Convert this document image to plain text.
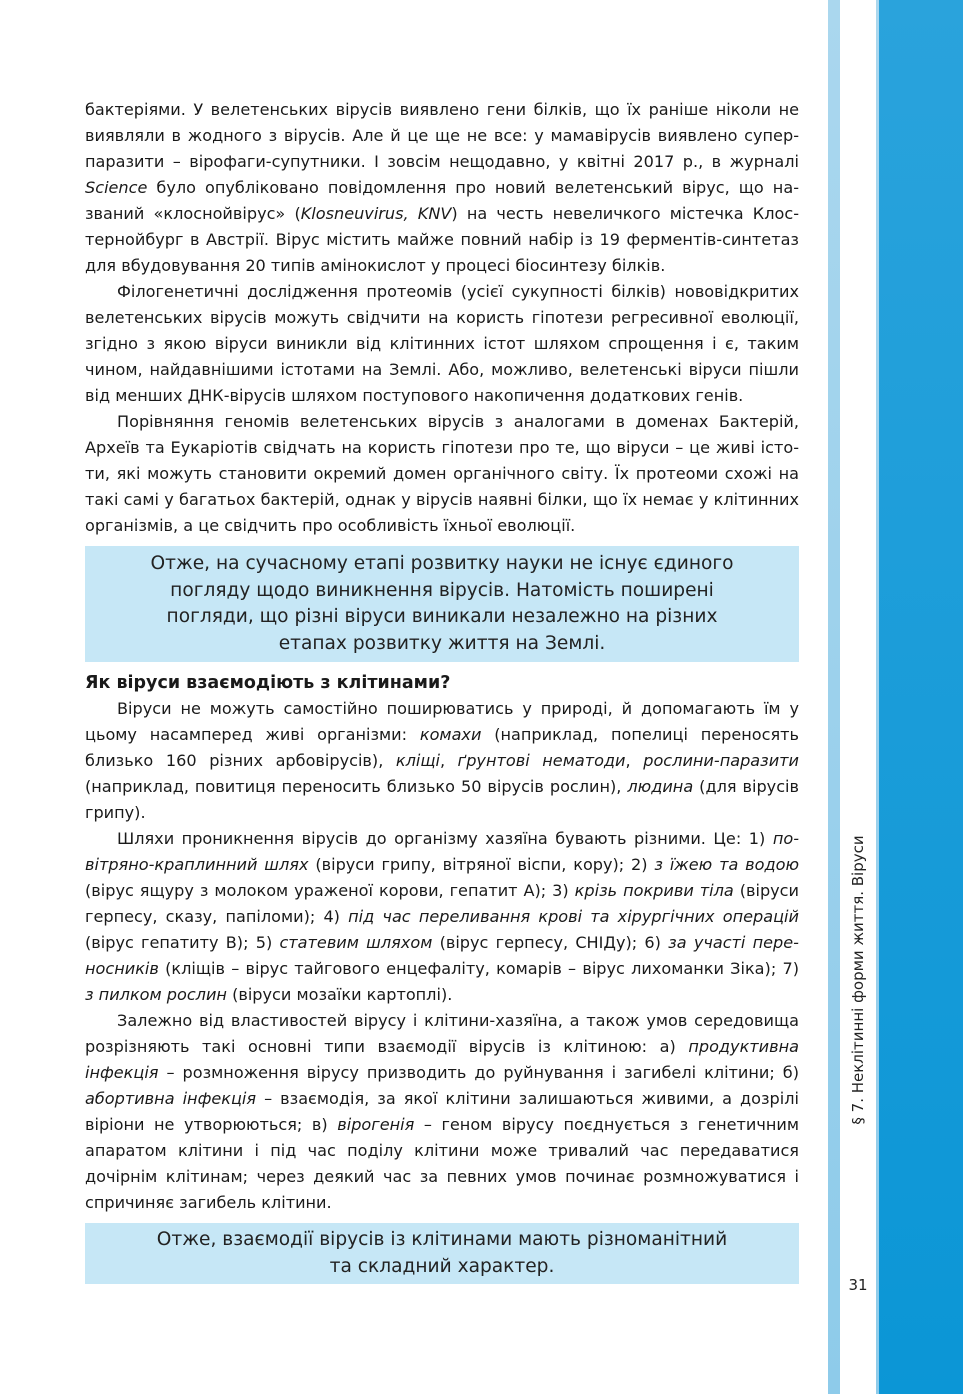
§ 7. Неклітинні форми життя. Віруси
31

бактеріями. У велетенських вірусів виявлено гени білків, що їх раніше ніколи не виявляли в жодного з вірусів. Але й це ще не все: у мамавірусів виявлено суперпаразити – вірофаги-супутники. І зовсім нещодавно, у квітні 2017 р., в журналі Science було опубліковано повідомлення про новий велетенський вірус, що названий «клоснойвірус» (Klosneuvirus, KNV) на честь невеличкого містечка Клостернойбург в Австрії. Вірус містить майже повний набір із 19 ферментів-синтетаз для вбудовування 20 типів амінокислот у процесі біосинтезу білків.

Філогенетичні дослідження протеомів (усієї сукупності білків) нововідкритих велетенських вірусів можуть свідчити на користь гіпотези регресивної еволюції, згідно з якою віруси виникли від клітинних істот шляхом спрощення і є, таким чином, найдавнішими істотами на Землі. Або, можливо, велетенські віруси пішли від менших ДНК-вірусів шляхом поступового накопичення додаткових генів.

Порівняння геномів велетенських вірусів з аналогами в доменах Бактерій, Археїв та Еукаріотів свідчать на користь гіпотези про те, що віруси – це живі істоти, які можуть становити окремий домен органічного світу. Їх протеоми схожі на такі самі у багатьох бактерій, однак у вірусів наявні білки, що їх немає у клітинних організмів, а це свідчить про особливість їхньої еволюції.

Отже, на сучасному етапі розвитку науки не існує єдиного погляду щодо виникнення вірусів. Натомість поширені погляди, що різні віруси виникали незалежно на різних етапах розвитку життя на Землі.
Як віруси взаємодіють з клітинами?

Віруси не можуть самостійно поширюватись у природі, й допомагають їм у цьому насамперед живі організми: комахи (наприклад, попелиці переносять близько 160 різних арбовірусів), кліщі, ґрунтові нематоди, рослини-паразити (наприклад, повитиця переносить близько 50 вірусів рослин), людина (для вірусів грипу).

Шляхи проникнення вірусів до організму хазяїна бувають різними. Це: 1) повітряно-краплинний шлях (віруси грипу, вітряної віспи, кору); 2) з їжею та водою (вірус ящуру з молоком ураженої корови, гепатит А); 3) крізь покриви тіла (віруси герпесу, сказу, папіломи); 4) під час переливання крові та хірургічних операцій (вірус гепатиту В); 5) статевим шляхом (вірус герпесу, СНІДу); 6) за участі переносників (кліщів – вірус тайгового енцефаліту, комарів – вірус лихоманки Зіка); 7) з пилком рослин (віруси мозаїки картоплі).

Залежно від властивостей вірусу і клітини-хазяїна, а також умов середовища розрізняють такі основні типи взаємодії вірусів із клітиною: а) продуктивна інфекція – розмноження вірусу призводить до руйнування і загибелі клітини; б) абортивна інфекція – взаємодія, за якої клітини залишаються живими, а дозрілі віріони не утворюються; в) вірогенія – геном вірусу поєднується з генетичним апаратом клітини і під час поділу клітини може тривалий час передаватися дочірнім клітинам; через деякий час за певних умов починає розмножуватися і спричиняє загибель клітини.

Отже, взаємодії вірусів із клітинами мають різноманітний та складний характер.
